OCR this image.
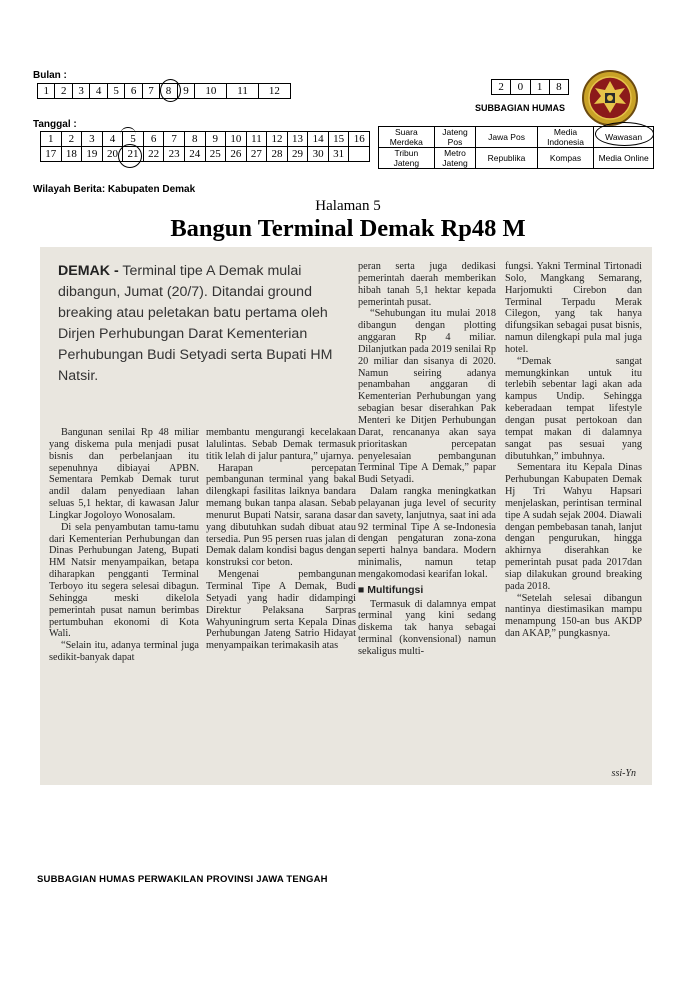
Bulan :
1	2	3	4	5	6	7	8	9	10	11	12
Tanggal :
1	2	3	4	5	6	7	8	9	10	11	12	13	14	15	16
17	18	19	20	21	22	23	24	25	26	27	28	29	30	31	
Wilayah Berita: Kabupaten Demak
2	0	1	8
SUBBAGIAN HUMAS
Suara Merdeka	Jateng Pos	Jawa Pos	Media Indonesia	Wawasan
Tribun Jateng	Metro Jateng	Republika	Kompas	Media Online
Halaman 5
Bangun Terminal Demak Rp48 M
DEMAK - Terminal tipe A Demak mulai dibangun, Jumat (20/7). Ditandai ground breaking atau peletakan batu pertama oleh Dirjen Perhubungan Darat Kementerian Perhubungan Budi Setyadi serta Bupati HM Natsir.

Bangunan senilai Rp 48 miliar yang diskema pula menjadi pusat bisnis dan perbelanjaan itu sepenuhnya dibiayai APBN. Sementara Pemkab Demak turut andil dalam penyediaan lahan seluas 5,1 hektar, di kawasan Jalur Lingkar Jogoloyo Wonosalam.

Di sela penyambutan tamu-tamu dari Kementerian Perhubungan dan Dinas Perhubungan Jateng, Bupati HM Natsir menyampaikan, betapa diharapkan pengganti Terminal Terboyo itu segera selesai dibagun. Sehingga meski dikelola pemerintah pusat namun berimbas pertumbuhan ekonomi di Kota Wali.

“Selain itu, adanya terminal juga sedikit-banyak dapat

membantu mengurangi kecelakaan lalulintas. Sebab Demak termasuk titik lelah di jalur pantura,” ujarnya.

Harapan percepatan pembangunan terminal yang bakal dilengkapi fasilitas laiknya bandara memang bukan tanpa alasan. Sebab menurut Bupati Natsir, sarana dasar yang dibutuhkan sudah dibuat atau tersedia. Pun 95 persen ruas jalan di Demak dalam kondisi bagus dengan konstruksi cor beton.

Mengenai pembangunan Terminal Tipe A Demak, Budi Setyadi yang hadir didampingi Direktur Pelaksana Sarpras Wahyuningrum serta Kepala Dinas Perhubungan Jateng Satrio Hidayat menyampaikan terimakasih atas

peran serta juga dedikasi pemerintah daerah memberikan hibah tanah 5,1 hektar kepada pemerintah pusat.

“Sehubungan itu mulai 2018 dibangun dengan plotting anggaran Rp 4 miliar. Dilanjutkan pada 2019 senilai Rp 20 miliar dan sisanya di 2020. Namun seiring adanya penambahan anggaran di Kementerian Perhubungan yang sebagian besar diserahkan Pak Menteri ke Ditjen Perhubungan Darat, rencananya akan saya prioritaskan percepatan penyelesaian pembangunan Terminal Tipe A Demak,” papar Budi Setyadi.

Dalam rangka meningkatkan pelayanan juga level of security dan savety, lanjutnya, saat ini ada 92 terminal Tipe A se-Indonesia dengan pengaturan zona-zona seperti halnya bandara. Modern minimalis, namun tetap mengakomodasi kearifan lokal.

■ Multifungsi

Termasuk di dalamnya empat terminal yang kini sedang diskema tak hanya sebagai terminal (konvensional) namun sekaligus multi-

fungsi. Yakni Terminal Tirtonadi Solo, Mangkang Semarang, Harjomukti Cirebon dan Terminal Terpadu Merak Cilegon, yang tak hanya difungsikan sebagai pusat bisnis, namun dilengkapi pula mal juga hotel.

“Demak sangat memungkinkan untuk itu terlebih sebentar lagi akan ada kampus Undip. Sehingga keberadaan tempat lifestyle dengan pusat pertokoan dan tempat makan di dalamnya sangat pas sesuai yang dibutuhkan,” imbuhnya.

Sementara itu Kepala Dinas Perhubungan Kabupaten Demak Hj Tri Wahyu Hapsari menjelaskan, perintisan terminal tipe A sudah sejak 2004. Diawali dengan pembebasan tanah, lanjut dengan pengurukan, hingga akhirnya diserahkan ke pemerintah pusat pada 2017dan siap dilakukan ground breaking pada 2018.

“Setelah selesai dibangun nantinya diestimasikan mampu menampung 150-an bus AKDP dan AKAP,” pungkasnya.

ssi-Yn
SUBBAGIAN HUMAS PERWAKILAN PROVINSI JAWA TENGAH
